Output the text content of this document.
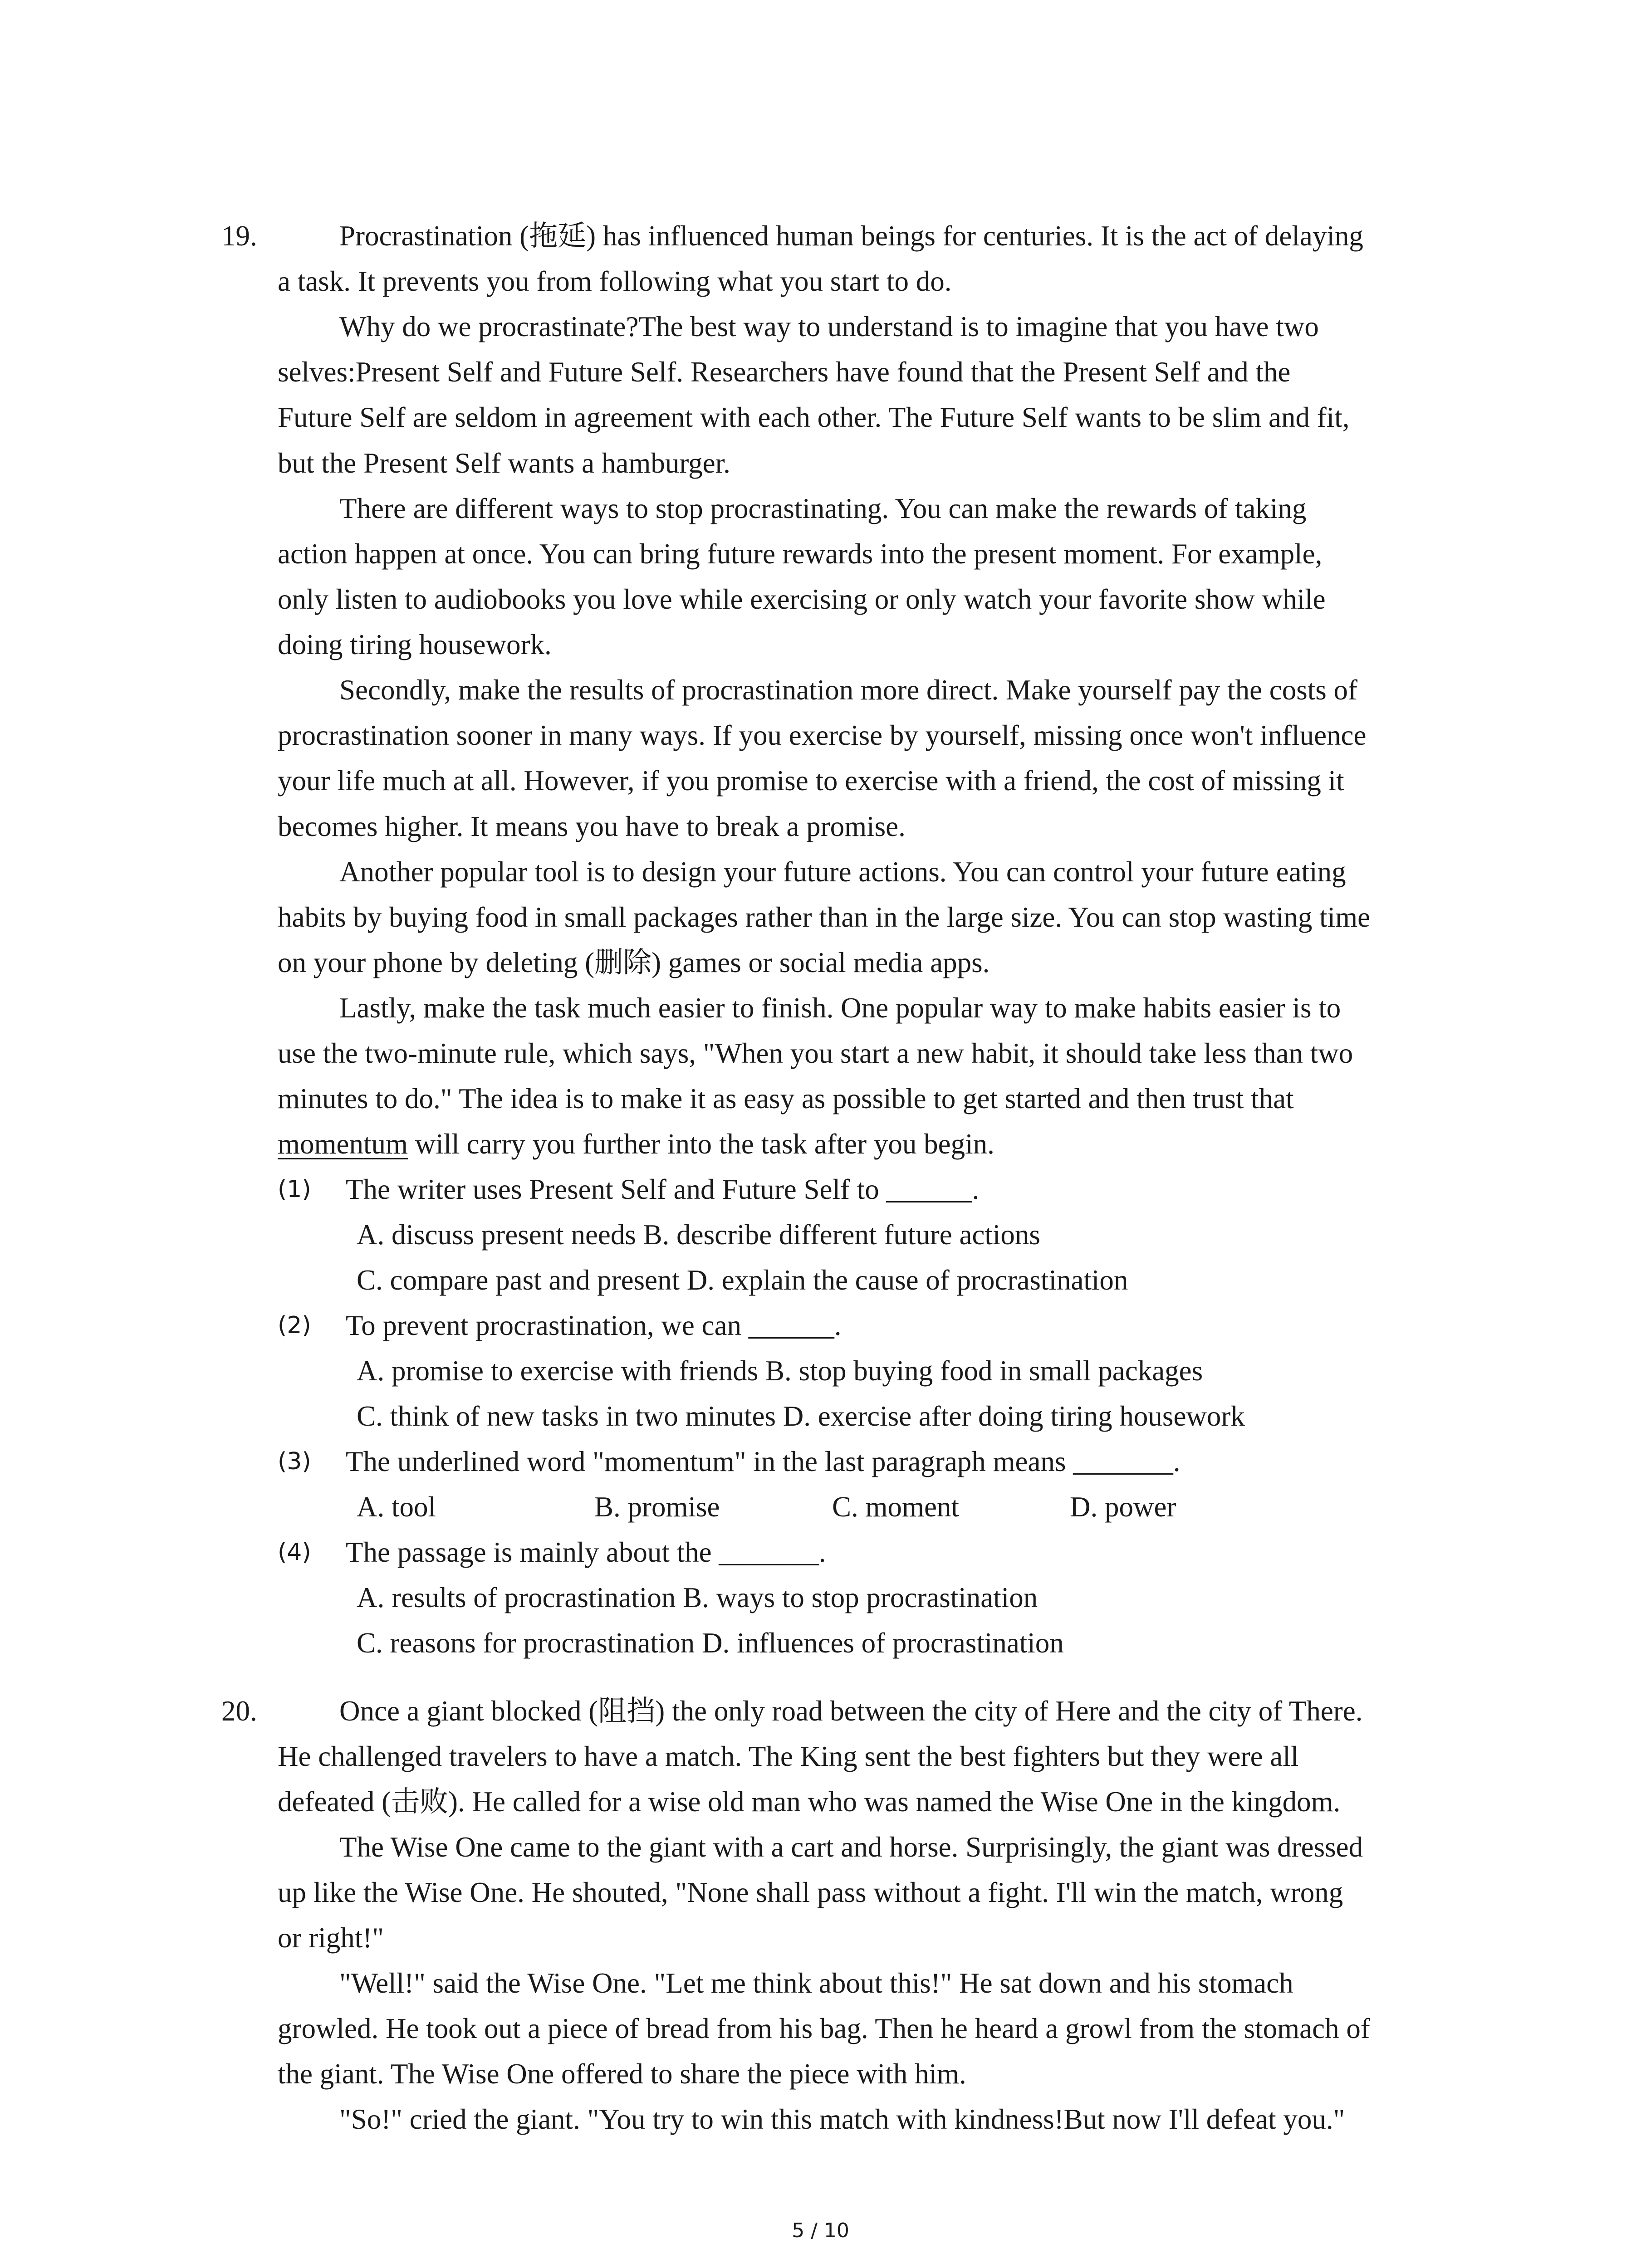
19.	Procrastination (拖延) has influenced human beings for centuries. It is the act of delaying
a task. It prevents you from following what you start to do.
Why do we procrastinate?The best way to understand is to imagine that you have two
selves:Present Self and Future Self. Researchers have found that the Present Self and the
Future Self are seldom in agreement with each other. The Future Self wants to be slim and fit,
but the Present Self wants a hamburger.
There are different ways to stop procrastinating. You can make the rewards of taking
action happen at once. You can bring future rewards into the present moment. For example,
only listen to audiobooks you love while exercising or only watch your favorite show while
doing tiring housework.
Secondly, make the results of procrastination more direct. Make yourself pay the costs of
procrastination sooner in many ways. If you exercise by yourself, missing once won't influence
your life much at all. However, if you promise to exercise with a friend, the cost of missing it
becomes higher. It means you have to break a promise.
Another popular tool is to design your future actions. You can control your future eating
habits by buying food in small packages rather than in the large size. You can stop wasting time
on your phone by deleting (删除) games or social media apps.
Lastly, make the task much easier to finish. One popular way to make habits easier is to
use the two-minute rule, which says, "When you start a new habit, it should take less than two
minutes to do." The idea is to make it as easy as possible to get started and then trust that
momentum will carry you further into the task after you begin.
(1) The writer uses Present Self and Future Self to ______.
A. discuss present needs B. describe different future actions
C. compare past and present D. explain the cause of procrastination
(2) To prevent procrastination, we can ______.
A. promise to exercise with friends B. stop buying food in small packages
C. think of new tasks in two minutes D. exercise after doing tiring housework
(3) The underlined word "momentum" in the last paragraph means _______.
A. tool	B. promise	C. moment	D. power
(4) The passage is mainly about the _______.
A. results of procrastination B. ways to stop procrastination
C. reasons for procrastination D. influences of procrastination
20.	Once a giant blocked (阻挡) the only road between the city of Here and the city of There.
He challenged travelers to have a match. The King sent the best fighters but they were all
defeated (击败). He called for a wise old man who was named the Wise One in the kingdom.
The Wise One came to the giant with a cart and horse. Surprisingly, the giant was dressed
up like the Wise One. He shouted, "None shall pass without a fight. I'll win the match, wrong
or right!"
"Well!" said the Wise One. "Let me think about this!" He sat down and his stomach
growled. He took out a piece of bread from his bag. Then he heard a growl from the stomach of
the giant. The Wise One offered to share the piece with him.
"So!" cried the giant. "You try to win this match with kindness!But now I'll defeat you."
5 / 10
